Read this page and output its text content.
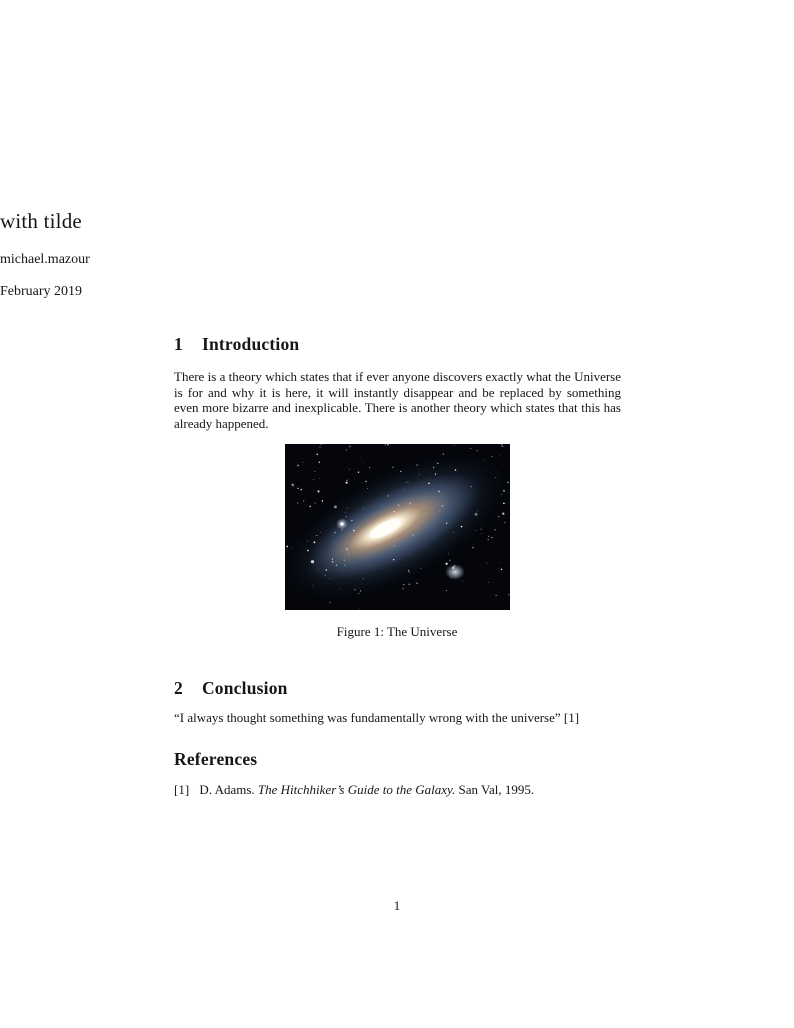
with tilde
michael.mazour
February 2019
1 Introduction
There is a theory which states that if ever anyone discovers exactly what the Universe is for and why it is here, it will instantly disappear and be replaced by something even more bizarre and inexplicable. There is another theory which states that this has already happened.
Figure 1: The Universe
2 Conclusion
“I always thought something was fundamentally wrong with the universe” [1]
References
[1] D. Adams. The Hitchhiker’s Guide to the Galaxy. San Val, 1995.
1
